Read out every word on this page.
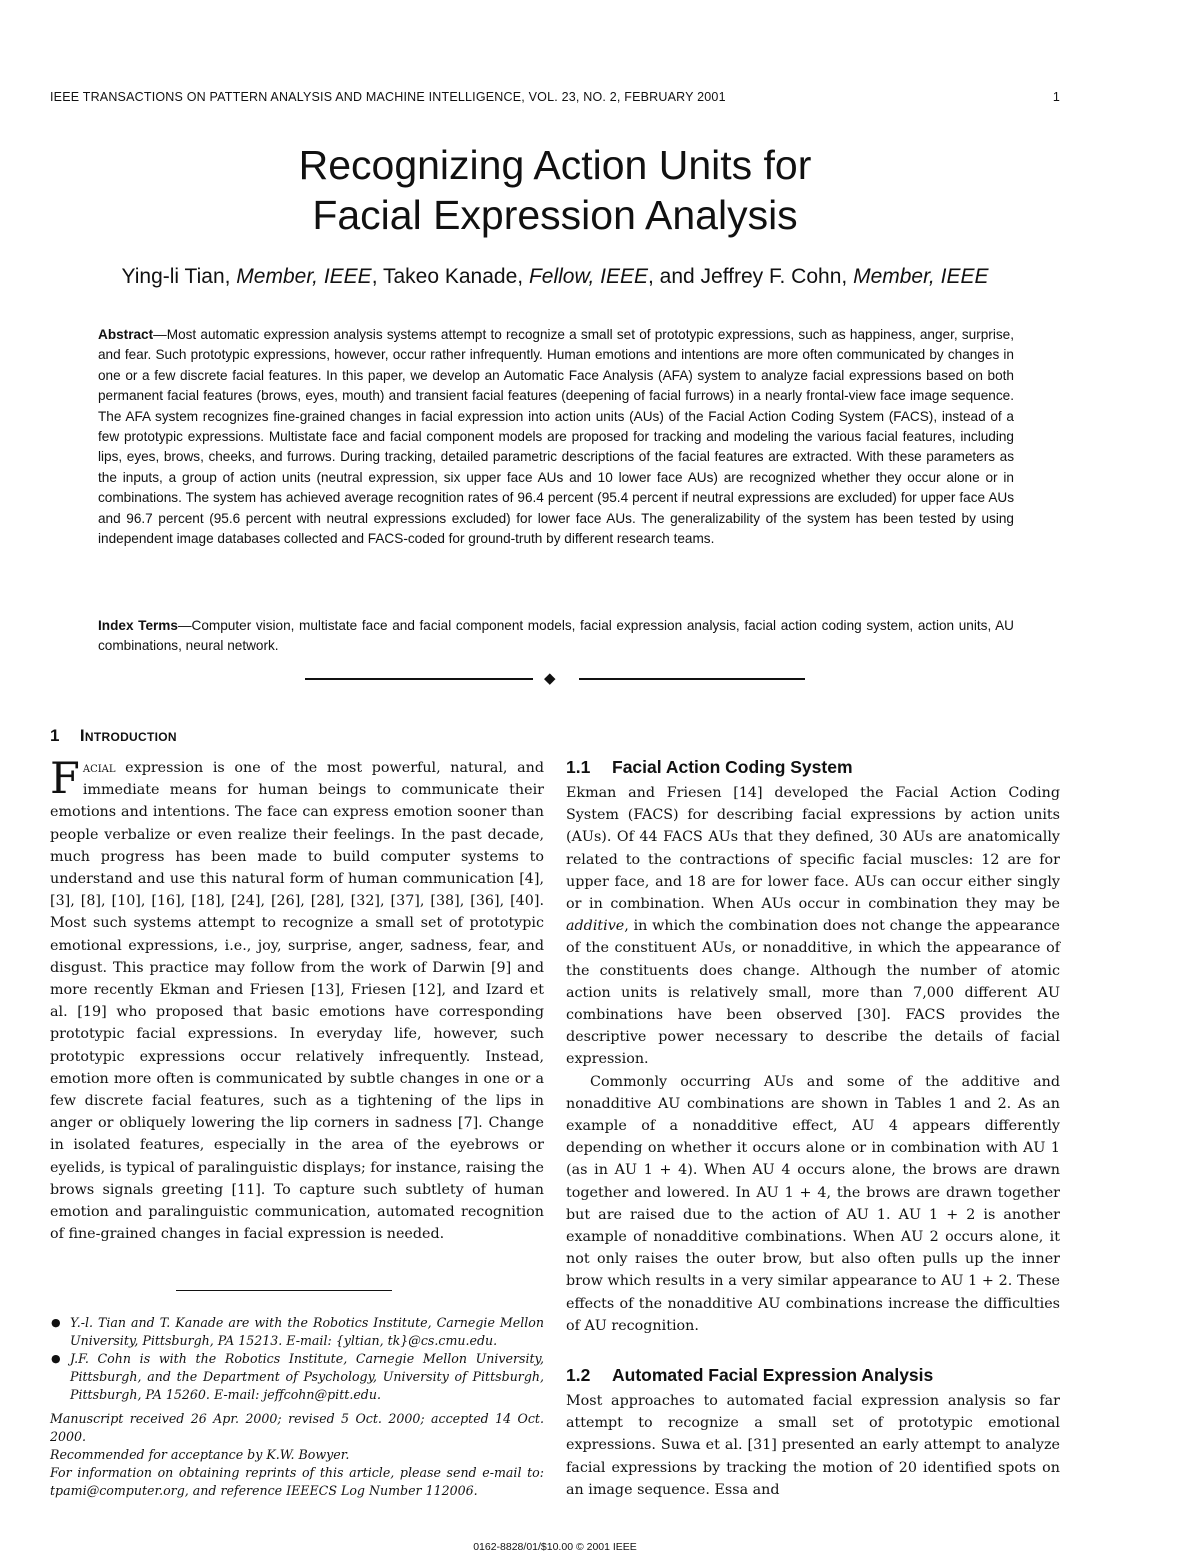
IEEE TRANSACTIONS ON PATTERN ANALYSIS AND MACHINE INTELLIGENCE, VOL. 23, NO. 2, FEBRUARY 2001	1
Recognizing Action Units for
Facial Expression Analysis
Ying-li Tian, Member, IEEE, Takeo Kanade, Fellow, IEEE, and Jeffrey F. Cohn, Member, IEEE

Abstract—Most automatic expression analysis systems attempt to recognize a small set of prototypic expressions, such as happiness, anger, surprise, and fear. Such prototypic expressions, however, occur rather infrequently. Human emotions and intentions are more often communicated by changes in one or a few discrete facial features. In this paper, we develop an Automatic Face Analysis (AFA) system to analyze facial expressions based on both permanent facial features (brows, eyes, mouth) and transient facial features (deepening of facial furrows) in a nearly frontal-view face image sequence. The AFA system recognizes fine-grained changes in facial expression into action units (AUs) of the Facial Action Coding System (FACS), instead of a few prototypic expressions. Multistate face and facial component models are proposed for tracking and modeling the various facial features, including lips, eyes, brows, cheeks, and furrows. During tracking, detailed parametric descriptions of the facial features are extracted. With these parameters as the inputs, a group of action units (neutral expression, six upper face AUs and 10 lower face AUs) are recognized whether they occur alone or in combinations. The system has achieved average recognition rates of 96.4 percent (95.4 percent if neutral expressions are excluded) for upper face AUs and 96.7 percent (95.6 percent with neutral expressions excluded) for lower face AUs. The generalizability of the system has been tested by using independent image databases collected and FACS-coded for ground-truth by different research teams.

Index Terms—Computer vision, multistate face and facial component models, facial expression analysis, facial action coding system, action units, AU combinations, neural network.

◆
1 Introduction

Facial expression is one of the most powerful, natural, and immediate means for human beings to communicate their emotions and intentions. The face can express emotion sooner than people verbalize or even realize their feelings. In the past decade, much progress has been made to build computer systems to understand and use this natural form of human communication [4], [3], [8], [10], [16], [18], [24], [26], [28], [32], [37], [38], [36], [40]. Most such systems attempt to recognize a small set of prototypic emotional expressions, i.e., joy, surprise, anger, sadness, fear, and disgust. This practice may follow from the work of Darwin [9] and more recently Ekman and Friesen [13], Friesen [12], and Izard et al. [19] who proposed that basic emotions have corresponding prototypic facial expressions. In everyday life, however, such prototypic expressions occur relatively infrequently. Instead, emotion more often is communicated by subtle changes in one or a few discrete facial features, such as a tightening of the lips in anger or obliquely lowering the lip corners in sadness [7]. Change in isolated features, especially in the area of the eyebrows or eyelids, is typical of paralinguistic displays; for instance, raising the brows signals greeting [11]. To capture such subtlety of human emotion and paralinguistic communication, automated recognition of fine-grained changes in facial expression is needed.

● Y.-l. Tian and T. Kanade are with the Robotics Institute, Carnegie Mellon University, Pittsburgh, PA 15213. E-mail: {yltian, tk}@cs.cmu.edu.

● J.F. Cohn is with the Robotics Institute, Carnegie Mellon University, Pittsburgh, and the Department of Psychology, University of Pittsburgh, Pittsburgh, PA 15260. E-mail: jeffcohn@pitt.edu.

Manuscript received 26 Apr. 2000; revised 5 Oct. 2000; accepted 14 Oct. 2000.

Recommended for acceptance by K.W. Bowyer.

For information on obtaining reprints of this article, please send e-mail to: tpami@computer.org, and reference IEEECS Log Number 112006.

1.1 Facial Action Coding System
Ekman and Friesen [14] developed the Facial Action Coding System (FACS) for describing facial expressions by action units (AUs). Of 44 FACS AUs that they defined, 30 AUs are anatomically related to the contractions of specific facial muscles: 12 are for upper face, and 18 are for lower face. AUs can occur either singly or in combination. When AUs occur in combination they may be additive, in which the combination does not change the appearance of the constituent AUs, or nonadditive, in which the appearance of the constituents does change. Although the number of atomic action units is relatively small, more than 7,000 different AU combinations have been observed [30]. FACS provides the descriptive power necessary to describe the details of facial expression.
Commonly occurring AUs and some of the additive and nonadditive AU combinations are shown in Tables 1 and 2. As an example of a nonadditive effect, AU 4 appears differently depending on whether it occurs alone or in combination with AU 1 (as in AU 1 + 4). When AU 4 occurs alone, the brows are drawn together and lowered. In AU 1 + 4, the brows are drawn together but are raised due to the action of AU 1. AU 1 + 2 is another example of nonadditive combinations. When AU 2 occurs alone, it not only raises the outer brow, but also often pulls up the inner brow which results in a very similar appearance to AU 1 + 2. These effects of the nonadditive AU combinations increase the difficulties of AU recognition.
1.2 Automated Facial Expression Analysis

Most approaches to automated facial expression analysis so far attempt to recognize a small set of prototypic emotional expressions. Suwa et al. [31] presented an early attempt to analyze facial expressions by tracking the motion of 20 identified spots on an image sequence. Essa and

0162-8828/01/$10.00 © 2001 IEEE
